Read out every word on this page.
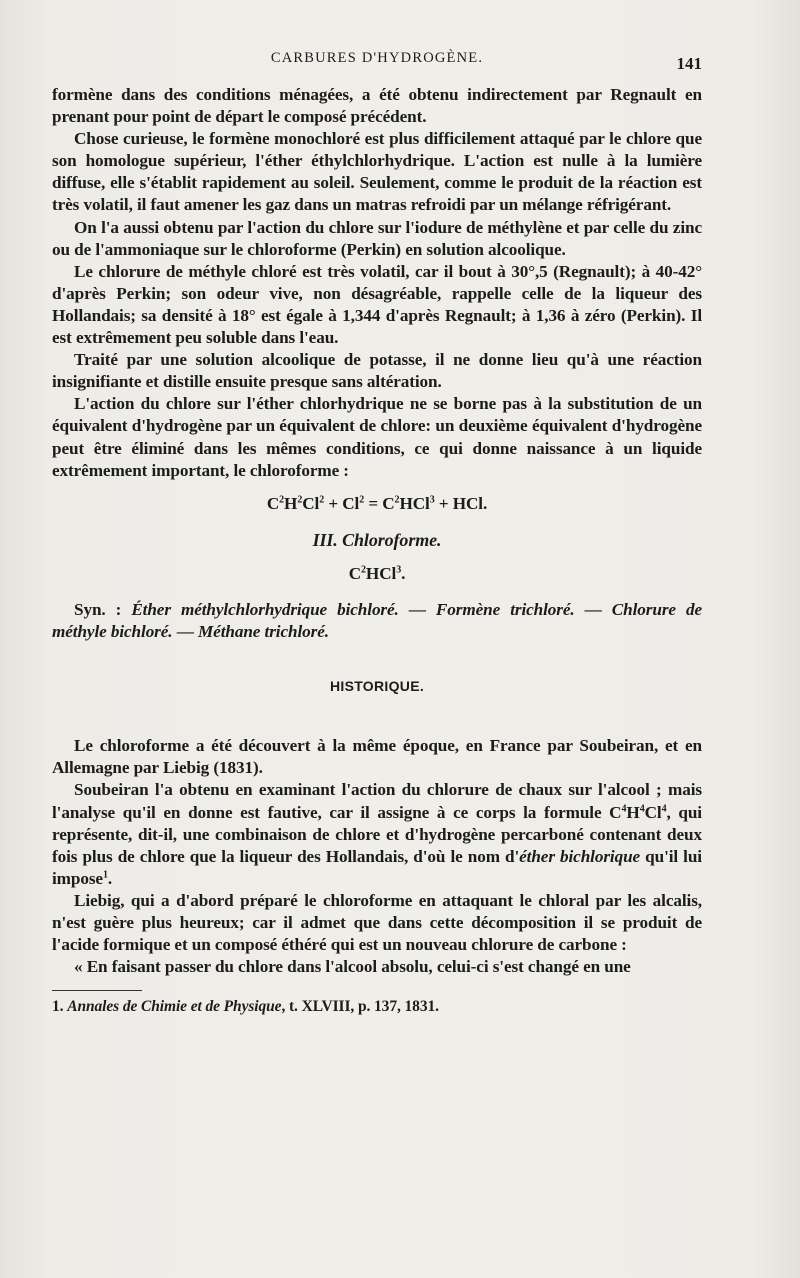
CARBURES D'HYDROGÈNE.	141

formène dans des conditions ménagées, a été obtenu indirectement par Regnault en prenant pour point de départ le composé précédent.

Chose curieuse, le formène monochloré est plus difficilement attaqué par le chlore que son homologue supérieur, l'éther éthylchlorhydrique. L'action est nulle à la lumière diffuse, elle s'établit rapidement au soleil. Seulement, comme le produit de la réaction est très volatil, il faut amener les gaz dans un matras refroidi par un mélange réfrigérant.

On l'a aussi obtenu par l'action du chlore sur l'iodure de méthylène et par celle du zinc ou de l'ammoniaque sur le chloroforme (Perkin) en solution alcoolique.

Le chlorure de méthyle chloré est très volatil, car il bout à 30°,5 (Regnault); à 40-42° d'après Perkin; son odeur vive, non désagréable, rappelle celle de la liqueur des Hollandais; sa densité à 18° est égale à 1,344 d'après Regnault; à 1,36 à zéro (Perkin). Il est extrêmement peu soluble dans l'eau.

Traité par une solution alcoolique de potasse, il ne donne lieu qu'à une réaction insignifiante et distille ensuite presque sans altération.

L'action du chlore sur l'éther chlorhydrique ne se borne pas à la substitution de un équivalent d'hydrogène par un équivalent de chlore: un deuxième équivalent d'hydrogène peut être éliminé dans les mêmes conditions, ce qui donne naissance à un liquide extrêmement important, le chloroforme :

$C^2H^2Cl^2 + Cl^2 = C^2HCl^3$ + HCl.

III. Chloroforme.

$C^2HCl^3$.

Syn. : Éther méthylchlorhydrique bichloré. — Formène trichloré. — Chlorure de méthyle bichloré. — Méthane trichloré.

HISTORIQUE.

Le chloroforme a été découvert à la même époque, en France par Soubeiran, et en Allemagne par Liebig (1831).

Soubeiran l'a obtenu en examinant l'action du chlorure de chaux sur l'alcool ; mais l'analyse qu'il en donne est fautive, car il assigne à ce corps la formule $C^4H^4Cl^4$, qui représente, dit-il, une combinaison de chlore et d'hydrogène percarboné contenant deux fois plus de chlore que la liqueur des Hollandais, d'où le nom d'éther bichlorique qu'il lui impose$^1$.

Liebig, qui a d'abord préparé le chloroforme en attaquant le chloral par les alcalis, n'est guère plus heureux; car il admet que dans cette décomposition il se produit de l'acide formique et un composé éthéré qui est un nouveau chlorure de carbone :

« En faisant passer du chlore dans l'alcool absolu, celui-ci s'est changé en une

1. Annales de Chimie et de Physique, t. XLVIII, p. 137, 1831.
